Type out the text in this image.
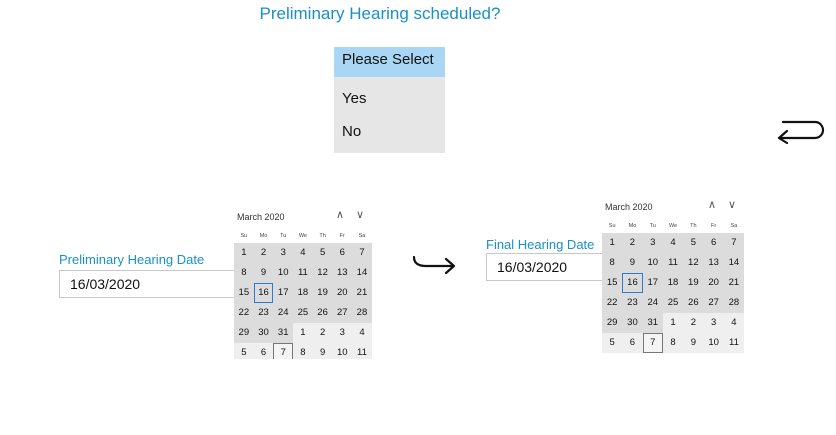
Preliminary Hearing scheduled?
Please Select
Yes
No
Preliminary Hearing Date
16/03/2020
March 2020	∧ ∨
Su	Mo	Tu	We	Th	Fr	Sa
1	2	3	4	5	6	7
8	9	10 11 12 13 14
15 16 17 18 19 20 21
22 23 24 25 26 27 28
29 30 31	1	2	3	4
5	6	7	8	9	10 11
Final Hearing Date
16/03/2020
March 2020	∧ ∨
Su	Mo	Tu	We	Th	Fr	Sa
1	2	3	4	5	6	7
8	9	10	11	12	13	14
15	16	17	18	19	20	21
22	23	24	25	26	27	28
29	30	31	1	2	3	4
5	6	7	8	9	10	11
